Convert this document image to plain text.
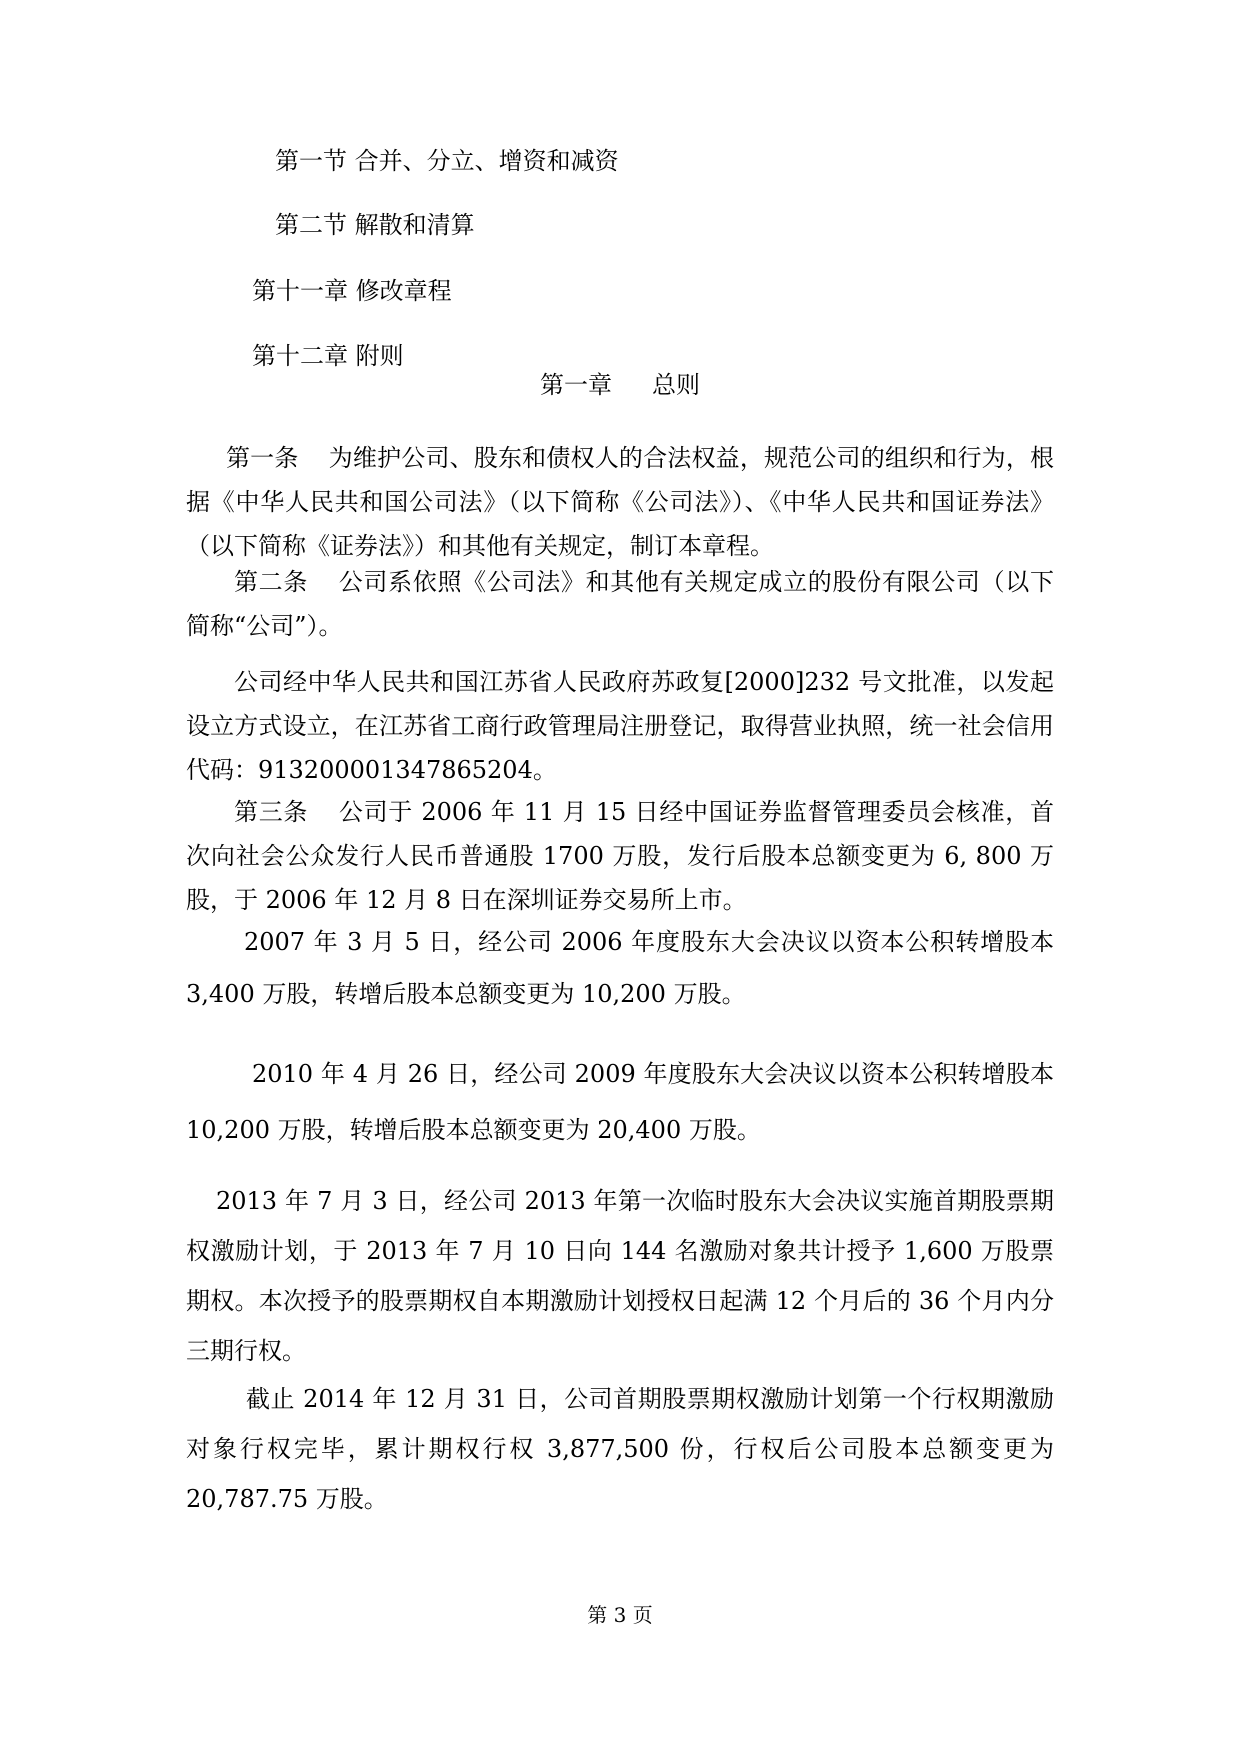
第一节 合并、分立、增资和减资
第二节 解散和清算
第十一章 修改章程
第十二章 附则
第一章 总则
第一条 为维护公司、股东和债权人的合法权益，规范公司的组织和行为，根据《中华人民共和国公司法》（以下简称《公司法》）、《中华人民共和国证券法》（以下简称《证券法》）和其他有关规定，制订本章程。
第二条 公司系依照《公司法》和其他有关规定成立的股份有限公司（以下简称“公司”）。
公司经中华人民共和国江苏省人民政府苏政复[2000]232 号文批准，以发起设立方式设立，在江苏省工商行政管理局注册登记，取得营业执照，统一社会信用代码：913200001347865204。
第三条 公司于 2006 年 11 月 15 日经中国证券监督管理委员会核准，首次向社会公众发行人民币普通股 1700 万股，发行后股本总额变更为 6, 800 万股，于 2006 年 12 月 8 日在深圳证券交易所上市。
2007 年 3 月 5 日，经公司 2006 年度股东大会决议以资本公积转增股本 3,400 万股，转增后股本总额变更为 10,200 万股。
2010 年 4 月 26 日，经公司 2009 年度股东大会决议以资本公积转增股本 10,200 万股，转增后股本总额变更为 20,400 万股。
2013 年 7 月 3 日，经公司 2013 年第一次临时股东大会决议实施首期股票期权激励计划，于 2013 年 7 月 10 日向 144 名激励对象共计授予 1,600 万股票期权。本次授予的股票期权自本期激励计划授权日起满 12 个月后的 36 个月内分三期行权。
截止 2014 年 12 月 31 日，公司首期股票期权激励计划第一个行权期激励对象行权完毕，累计期权行权 3,877,500 份，行权后公司股本总额变更为 20,787.75 万股。
第 3 页
